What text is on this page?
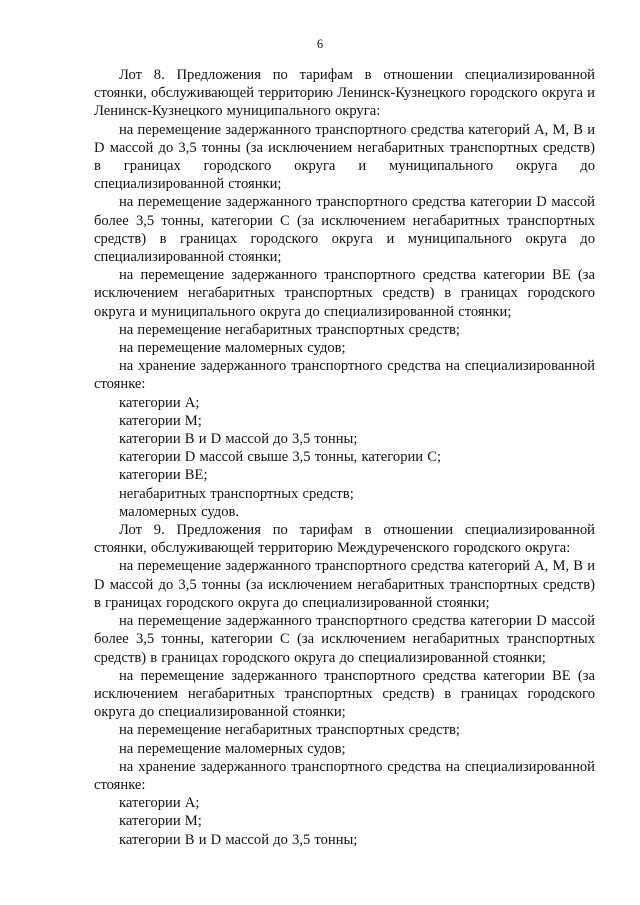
6

Лот 8. Предложения по тарифам в отношении специализированной стоянки, обслуживающей территорию Ленинск-Кузнецкого городского округа и Ленинск-Кузнецкого муниципального округа:

на перемещение задержанного транспортного средства категорий A, M, B и D массой до 3,5 тонны (за исключением негабаритных транспортных средств) в границах городского округа и муниципального округа до специализированной стоянки;

на перемещение задержанного транспортного средства категории D массой более 3,5 тонны, категории C (за исключением негабаритных транспортных средств) в границах городского округа и муниципального округа до специализированной стоянки;

на перемещение задержанного транспортного средства категории BE (за исключением негабаритных транспортных средств) в границах городского округа и муниципального округа до специализированной стоянки;

на перемещение негабаритных транспортных средств;

на перемещение маломерных судов;

на хранение задержанного транспортного средства на специализированной стоянке:

категории A;

категории M;

категории B и D массой до 3,5 тонны;

категории D массой свыше 3,5 тонны, категории C;

категории BE;

негабаритных транспортных средств;

маломерных судов.

Лот 9. Предложения по тарифам в отношении специализированной стоянки, обслуживающей территорию Междуреченского городского округа:

на перемещение задержанного транспортного средства категорий A, M, B и D массой до 3,5 тонны (за исключением негабаритных транспортных средств) в границах городского округа до специализированной стоянки;

на перемещение задержанного транспортного средства категории D массой более 3,5 тонны, категории C (за исключением негабаритных транспортных средств) в границах городского округа до специализированной стоянки;

на перемещение задержанного транспортного средства категории BE (за исключением негабаритных транспортных средств) в границах городского округа до специализированной стоянки;

на перемещение негабаритных транспортных средств;

на перемещение маломерных судов;

на хранение задержанного транспортного средства на специализированной стоянке:

категории A;

категории M;

категории B и D массой до 3,5 тонны;
